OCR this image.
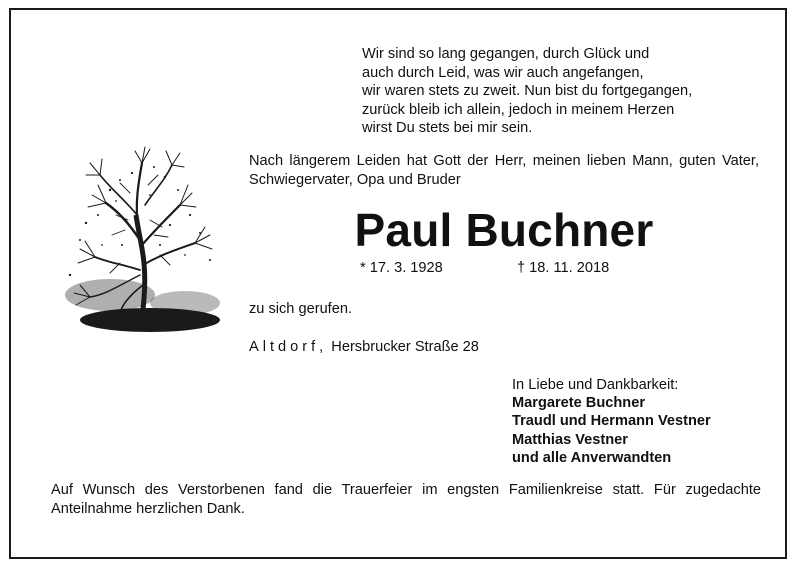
Wir sind so lang gegangen, durch Glück und
auch durch Leid, was wir auch angefangen,
wir waren stets zu zweit. Nun bist du fortgegangen,
zurück bleib ich allein, jedoch in meinem Herzen
wirst Du stets bei mir sein.
Nach längerem Leiden hat Gott der Herr, meinen lieben Mann, guten Vater, Schwiegervater, Opa und Bruder
Paul Buchner
* 17. 3. 1928	† 18. 11. 2018
zu sich gerufen.
Altdorf, Hersbrucker Straße 28
In Liebe und Dankbarkeit:
Margarete Buchner
Traudl und Hermann Vestner
Matthias Vestner
und alle Anverwandten
Auf Wunsch des Verstorbenen fand die Trauerfeier im engsten Familienkreise statt. Für zugedachte Anteilnahme herzlichen Dank.
